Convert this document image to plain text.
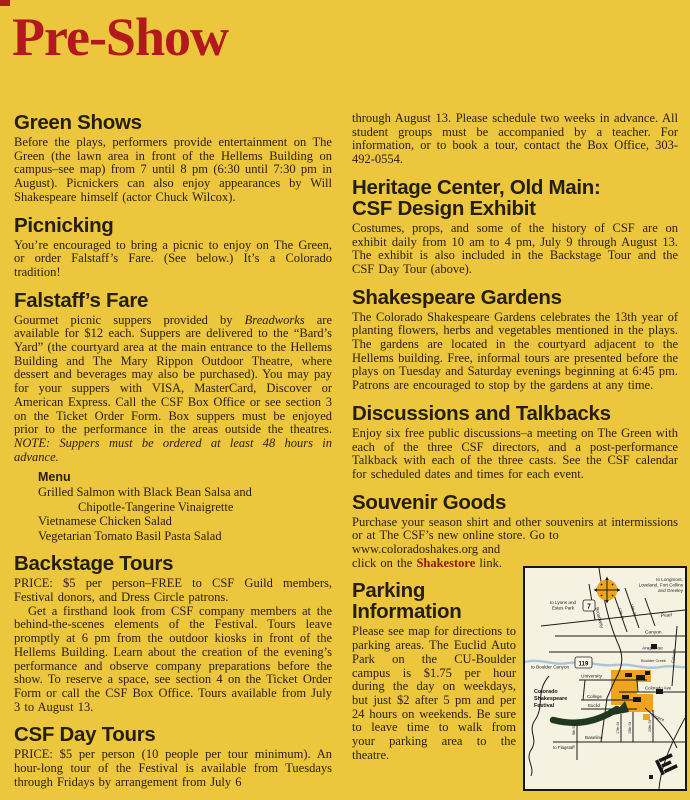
Pre-Show
Green Shows

Before the plays, performers provide entertainment on The Green (the lawn area in front of the Hellems Building on campus–see map) from 7 until 8 pm (6:30 until 7:30 pm in August). Picnickers can also enjoy appearances by Will Shakespeare himself (actor Chuck Wilcox).

Picnicking

You’re encouraged to bring a picnic to enjoy on The Green, or order Falstaff’s Fare. (See below.) It’s a Colorado tradition!

Falstaff’s Fare

Gourmet picnic suppers provided by Breadworks are available for $12 each. Suppers are delivered to the “Bard’s Yard” (the courtyard area at the main entrance to the Hellems Building and The Mary Rippon Outdoor Theatre, where dessert and beverages may also be purchased). You may pay for your suppers with VISA, MasterCard, Discover or American Express. Call the CSF Box Office or see section 3 on the Ticket Order Form. Box suppers must be enjoyed prior to the performance in the areas outside the theatres. NOTE: Suppers must be ordered at least 48 hours in advance.

Menu
Grilled Salmon with Black Bean Salsa and
Chipotle-Tangerine Vinaigrette
Vietnamese Chicken Salad
Vegetarian Tomato Basil Pasta Salad
Backstage Tours

PRICE: $5 per person–FREE to CSF Guild members, Festival donors, and Dress Circle patrons.

Get a firsthand look from CSF company members at the behind-the-scenes elements of the Festival. Tours leave promptly at 6 pm from the outdoor kiosks in front of the Hellems Building. Learn about the creation of the evening’s performance and observe company preparations before the show. To reserve a space, see section 4 on the Ticket Order Form or call the CSF Box Office. Tours available from July 3 to August 13.

CSF Day Tours

PRICE: $5 per person (10 people per tour minimum). An hour-long tour of the Festival is available from Tuesdays through Fridays by arrangement from July 6

through August 13. Please schedule two weeks in advance. All student groups must be accompanied by a teacher. For information, or to book a tour, contact the Box Office, 303-492-0554.

Heritage Center, Old Main:
CSF Design Exhibit

Costumes, props, and some of the history of CSF are on exhibit daily from 10 am to 4 pm, July 9 through August 13. The exhibit is also included in the Backstage Tour and the CSF Day Tour (above).

Shakespeare Gardens

The Colorado Shakespeare Gardens celebrates the 13th year of planting flowers, herbs and vegetables mentioned in the plays. The gardens are located in the courtyard adjacent to the Hellems building. Free, informal tours are presented before the plays on Tuesday and Saturday evenings beginning at 6:45 pm. Patrons are encouraged to stop by the gardens at any time.

Discussions and Talkbacks

Enjoy six free public discussions–a meeting on The Green with each of the three CSF directors, and a post-performance Talkback with each of the three casts. See the CSF calendar for scheduled dates and times for each event.

Souvenir Goods

Purchase your season shirt and other souvenirs at intermissions or at The CSF’s new online store. Go to

www.coloradoshakes.org and

click on the Shakestore link.

Parking
Information

Please see map for directions to parking areas. The Euclid Auto Park on the CU-Boulder campus is $1.75 per hour during the day on weekdays, but just $2 after 5 pm and per 24 hours on weekends. Be sure to leave time to walk from your parking area to the theatre.

7
119
to Lyons and
Estes Park
to Longmont,
Loveland, Fort Collins
and Greeley
Broadway	Pearl
Canyon
Arapahoe
Boulder Creek
University
College
Euclid
Colorado Ave
Regent
Baseline
to Boulder Canyon
to Flagstaff
Folsom
17th St 19th St
9th St	17th St 19th St	20th St
Colorado
Shakespeare
Festival
